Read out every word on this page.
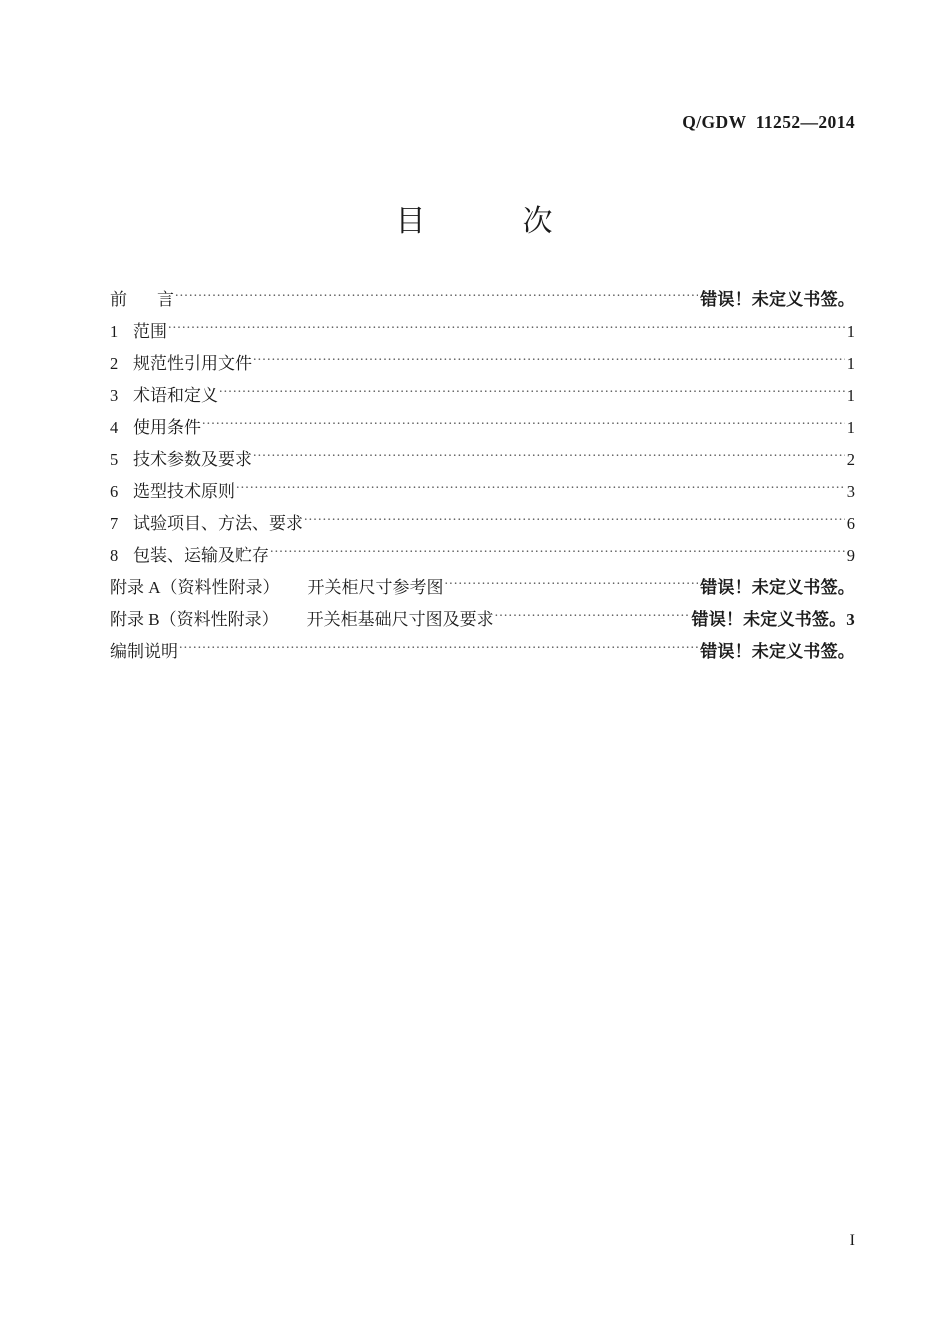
Q/GDW  11252—2014
目          次
前 言 .....	错误！未定义书签。
1 范围 .....	1
2 规范性引用文件 .....	1
3 术语和定义 .....	1
4 使用条件 .....	1
5 技术参数及要求 .....	2
6 选型技术原则 .....	3
7 试验项目、方法、要求 .....	6
8 包装、运输及贮存 .....	9
附录 A（资料性附录） 开关柜尺寸参考图 .....	错误！未定义书签。
附录 B（资料性附录） 开关柜基础尺寸图及要求 .....	错误！未定义书签。3
编制说明 .....	错误！未定义书签。
I
